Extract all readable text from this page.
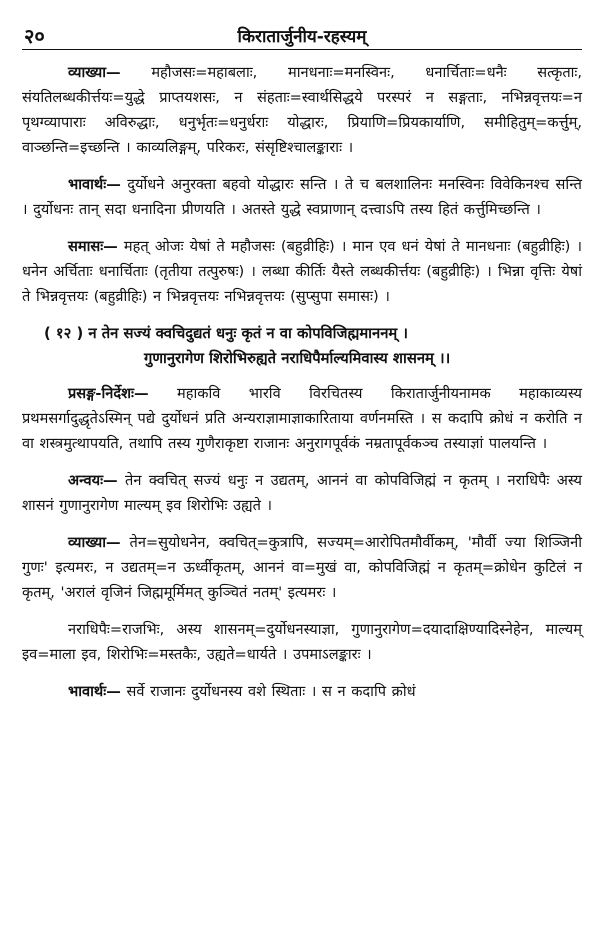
२०	किरातार्जुनीय-रहस्यम्

व्याख्या— महौजसः=महाबलाः, मानधनाः=मनस्विनः, धनार्चिताः=धनैः सत्कृताः, संयतिलब्धकीर्त्तयः=युद्धे प्राप्तयशसः, न संहताः=स्वार्थसिद्धये परस्परं न सङ्गताः, नभिन्नवृत्तयः=न पृथग्व्यापाराः अविरुद्धाः, धनुर्भृतः=धनुर्धराः योद्धारः, प्रियाणि=प्रियकार्याणि, समीहितुम्=कर्त्तुम्, वाञ्छन्ति=इच्छन्ति । काव्यलिङ्गम्, परिकरः, संसृष्टिश्चालङ्काराः ।

भावार्थः— दुर्योधने अनुरक्ता बहवो योद्धारः सन्ति । ते च बलशालिनः मनस्विनः विवेकिनश्च सन्ति । दुर्योधनः तान् सदा धनादिना प्रीणयति । अतस्ते युद्धे स्वप्राणान् दत्त्वाऽपि तस्य हितं कर्त्तुमिच्छन्ति ।

समासः— महत् ओजः येषां ते महौजसः (बहुव्रीहिः) । मान एव धनं येषां ते मानधनाः (बहुव्रीहिः) । धनेन अर्चिताः धनार्चिताः (तृतीया तत्पुरुषः) । लब्धा कीर्तिः यैस्ते लब्धकीर्त्तयः (बहुव्रीहिः) । भिन्ना वृत्तिः येषां ते भिन्नवृत्तयः (बहुव्रीहिः) न भिन्नवृत्तयः नभिन्नवृत्तयः (सुप्सुपा समासः) ।

( १२ ) न तेन सज्यं क्वचिदुद्यतं धनुः कृतं न वा कोपविजिह्ममाननम् ।
गुणानुरागेण शिरोभिरुह्यते नराधिपैर्माल्यमिवास्य शासनम् ।।

प्रसङ्ग-निर्देशः— महाकवि भारवि विरचितस्य किरातार्जुनीयनामक महाकाव्यस्य प्रथमसर्गादुद्धृतेऽस्मिन् पद्ये दुर्योधनं प्रति अन्यराज्ञामाज्ञाकारिताया वर्णनमस्ति । स कदापि क्रोधं न करोति न वा शस्त्रमुत्थापयति, तथापि तस्य गुणैराकृष्टा राजानः अनुरागपूर्वकं नम्रतापूर्वकञ्च तस्याज्ञां पालयन्ति ।

अन्वयः— तेन क्वचित् सज्यं धनुः न उद्यतम्, आननं वा कोपविजिह्मं न कृतम् । नराधिपैः अस्य शासनं गुणानुरागेण माल्यम् इव शिरोभिः उह्यते ।

व्याख्या— तेन=सुयोधनेन, क्वचित्=कुत्रापि, सज्यम्=आरोपितमौर्वीकम्, 'मौर्वी ज्या शिञ्जिनी गुणः' इत्यमरः, न उद्यतम्=न ऊर्ध्वीकृतम्, आननं वा=मुखं वा, कोपविजिह्मं न कृतम्=क्रोधेन कुटिलं न कृतम्, 'अरालं वृजिनं जिह्ममूर्मिमत् कुञ्चितं नतम्' इत्यमरः ।

नराधिपैः=राजभिः, अस्य शासनम्=दुर्योधनस्याज्ञा, गुणानुरागेण=दयादाक्षिण्यादिस्नेहेन, माल्यम् इव=माला इव, शिरोभिः=मस्तकैः, उह्यते=धार्यते । उपमाऽलङ्कारः ।

भावार्थः— सर्वे राजानः दुर्योधनस्य वशे स्थिताः । स न कदापि क्रोधं
